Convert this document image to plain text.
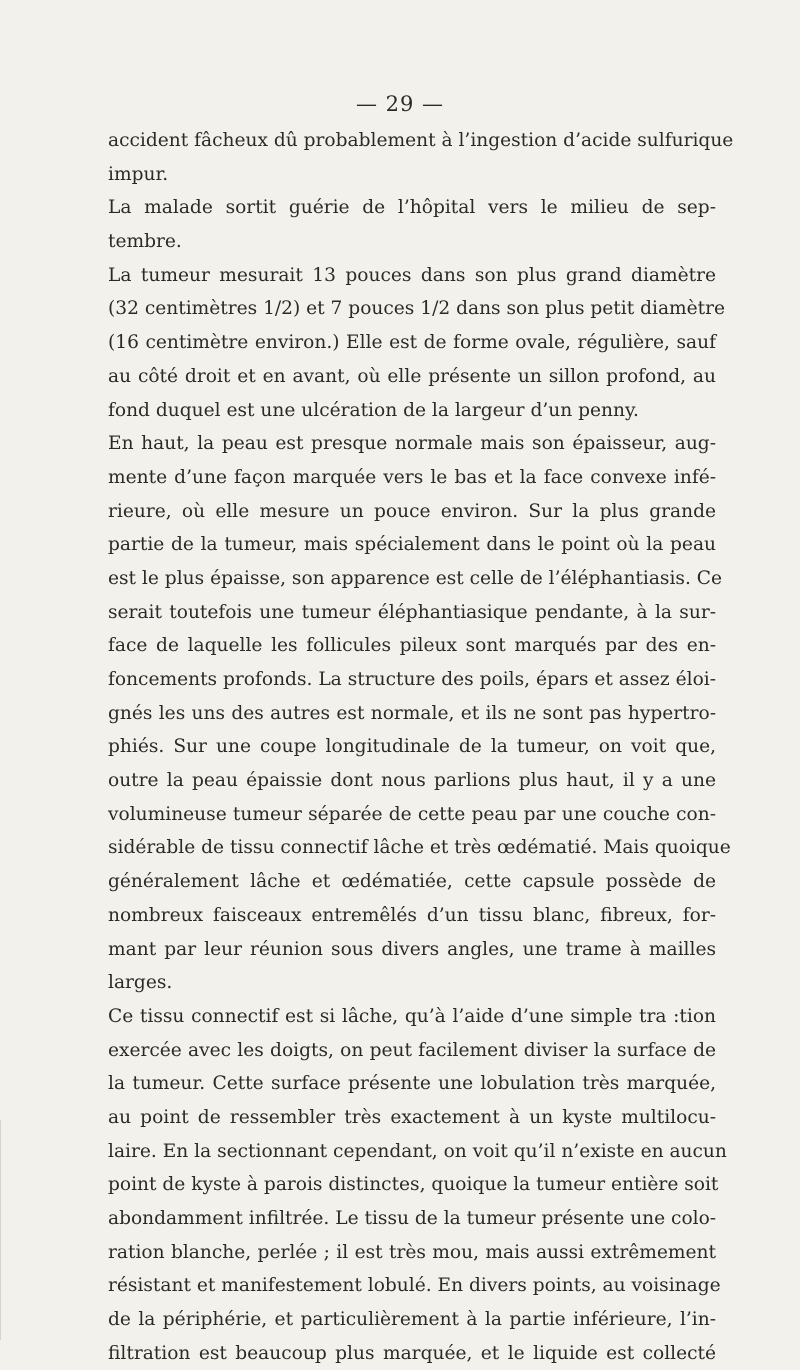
— 29 —
accident fâcheux dû probablement à l’ingestion d’acide sulfurique
impur.
La malade sortit guérie de l’hôpital vers le milieu de sep-
tembre.
La tumeur mesurait 13 pouces dans son plus grand diamètre
(32 centimètres 1/2) et 7 pouces 1/2 dans son plus petit diamètre
(16 centimètre environ.) Elle est de forme ovale, régulière, sauf
au côté droit et en avant, où elle présente un sillon profond, au
fond duquel est une ulcération de la largeur d’un penny.
En haut, la peau est presque normale mais son épaisseur, aug-
mente d’une façon marquée vers le bas et la face convexe infé-
rieure, où elle mesure un pouce environ. Sur la plus grande
partie de la tumeur, mais spécialement dans le point où la peau
est le plus épaisse, son apparence est celle de l’éléphantiasis. Ce
serait toutefois une tumeur éléphantiasique pendante, à la sur-
face de laquelle les follicules pileux sont marqués par des en-
foncements profonds. La structure des poils, épars et assez éloi-
gnés les uns des autres est normale, et ils ne sont pas hypertro-
phiés. Sur une coupe longitudinale de la tumeur, on voit que,
outre la peau épaissie dont nous parlions plus haut, il y a une
volumineuse tumeur séparée de cette peau par une couche con-
sidérable de tissu connectif lâche et très œdématié. Mais quoique
généralement lâche et œdématiée, cette capsule possède de
nombreux faisceaux entremêlés d’un tissu blanc, fibreux, for-
mant par leur réunion sous divers angles, une trame à mailles
larges.
Ce tissu connectif est si lâche, qu’à l’aide d’une simple tra :tion
exercée avec les doigts, on peut facilement diviser la surface de
la tumeur. Cette surface présente une lobulation très marquée,
au point de ressembler très exactement à un kyste multilocu-
laire. En la sectionnant cependant, on voit qu’il n’existe en aucun
point de kyste à parois distinctes, quoique la tumeur entière soit
abondamment infiltrée. Le tissu de la tumeur présente une colo-
ration blanche, perlée ; il est très mou, mais aussi extrêmement
résistant et manifestement lobulé. En divers points, au voisinage
de la périphérie, et particulièrement à la partie inférieure, l’in-
filtration est beaucoup plus marquée, et le liquide est collecté
